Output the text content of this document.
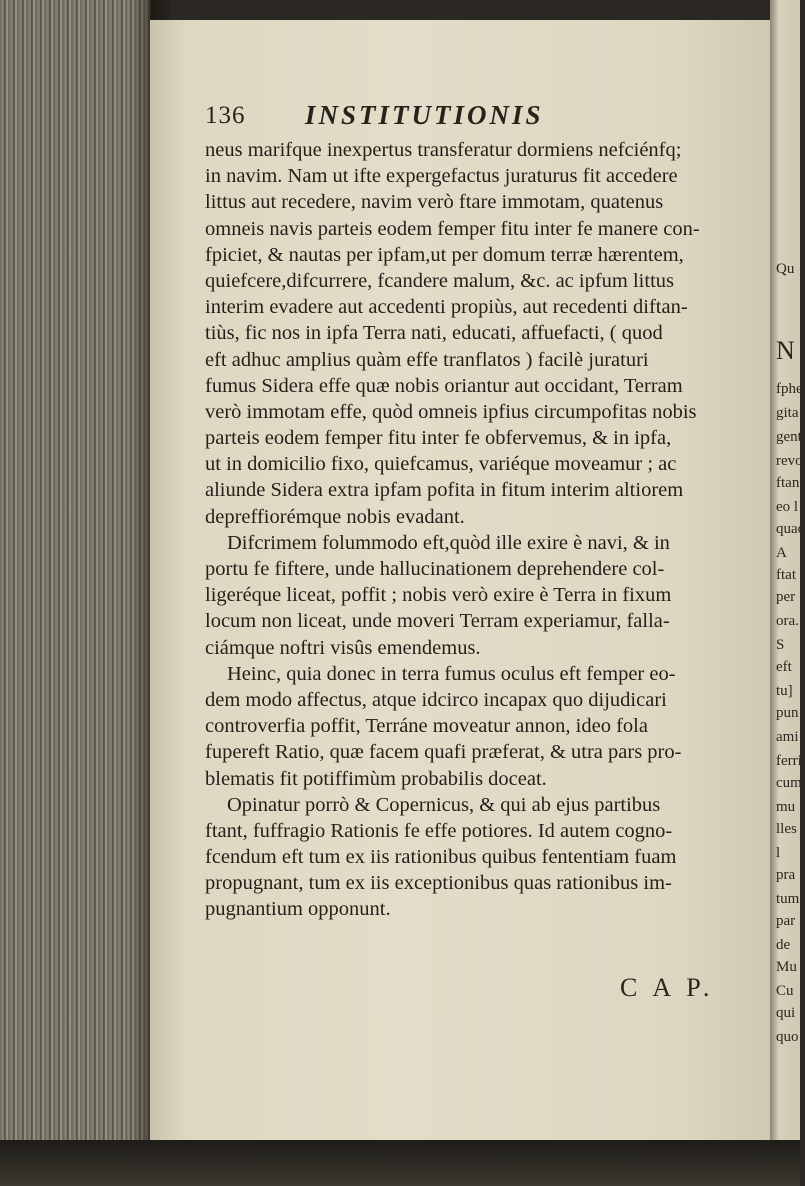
Qu
N
fphe
gita
gent
revo
ftans
eo l
quac
A
ftat
per
ora.
S
eft
tu]
pun
ami
ferri
cum
mu
lles
l
pra
tum
par
de
Mu
Cu
qui
quo
136 INSTITUTIONIS
neus marifque inexpertus transferatur dormiens nefciénfq;
in navim. Nam ut ifte expergefactus juraturus fit accedere
littus aut recedere, navim verò ftare immotam, quatenus
omneis navis parteis eodem femper fitu inter fe manere con-
fpiciet, & nautas per ipfam,ut per domum terræ hærentem,
quiefcere,difcurrere, fcandere malum, &c. ac ipfum littus
interim evadere aut accedenti propiùs, aut recedenti diftan-
tiùs, fic nos in ipfa Terra nati, educati, affuefacti, ( quod
eft adhuc amplius quàm effe tranflatos ) facilè juraturi
fumus Sidera effe quæ nobis oriantur aut occidant, Terram
verò immotam effe, quòd omneis ipfius circumpofitas nobis
parteis eodem femper fitu inter fe obfervemus, & in ipfa,
ut in domicilio fixo, quiefcamus, variéque moveamur ; ac
aliunde Sidera extra ipfam pofita in fitum interim altiorem
depreffiorémque nobis evadant.
Difcrimem folummodo eft,quòd ille exire è navi, & in
portu fe fiftere, unde hallucinationem deprehendere col-
ligeréque liceat, poffit ; nobis verò exire è Terra in fixum
locum non liceat, unde moveri Terram experiamur, falla-
ciámque noftri visûs emendemus.
Heinc, quia donec in terra fumus oculus eft femper eo-
dem modo affectus, atque idcirco incapax quo dijudicari
controverfia poffit, Terráne moveatur annon, ideo fola
fupereft Ratio, quæ facem quafi præferat, & utra pars pro-
blematis fit potiffimùm probabilis doceat.
Opinatur porrò & Copernicus, & qui ab ejus partibus
ftant, fuffragio Rationis fe effe potiores. Id autem cogno-
fcendum eft tum ex iis rationibus quibus fententiam fuam
propugnant, tum ex iis exceptionibus quas rationibus im-
pugnantium opponunt.
C A P.
